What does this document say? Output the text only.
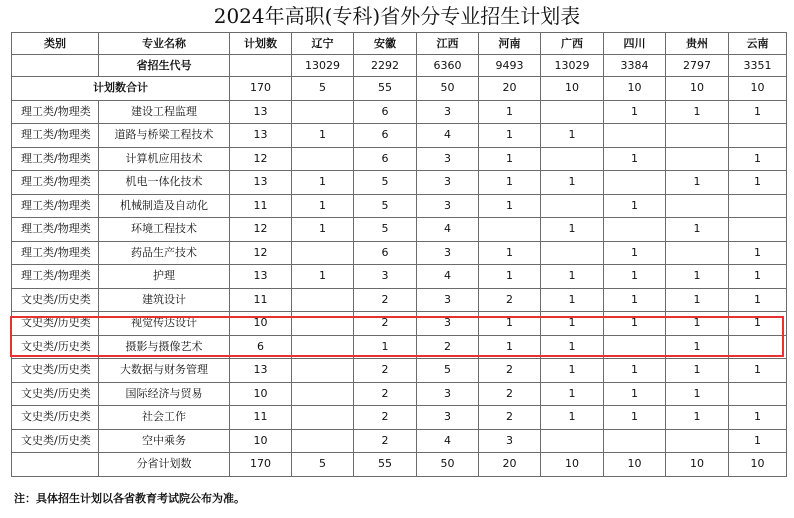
2024年高职(专科)省外分专业招生计划表
类别	专业名称	计划数	辽宁	安徽	江西	河南	广西	四川	贵州	云南
	省招生代号		13029	2292	6360	9493	13029	3384	2797	3351
计划数合计		170	5	55	50	20	10	10	10	10
理工类/物理类	建设工程监理	13		6	3	1		1	1	1
理工类/物理类	道路与桥梁工程技术	13	1	6	4	1	1			
理工类/物理类	计算机应用技术	12		6	3	1		1		1
理工类/物理类	机电一体化技术	13	1	5	3	1	1		1	1
理工类/物理类	机械制造及自动化	11	1	5	3	1		1		
理工类/物理类	环境工程技术	12	1	5	4		1		1	
理工类/物理类	药品生产技术	12		6	3	1		1		1
理工类/物理类	护理	13	1	3	4	1	1	1	1	1
文史类/历史类	建筑设计	11		2	3	2	1	1	1	1
文史类/历史类	视觉传达设计	10		2	3	1	1	1	1	1
文史类/历史类	摄影与摄像艺术	6		1	2	1	1		1	
文史类/历史类	大数据与财务管理	13		2	5	2	1	1	1	1
文史类/历史类	国际经济与贸易	10		2	3	2	1	1	1	
文史类/历史类	社会工作	11		2	3	2	1	1	1	1
文史类/历史类	空中乘务	10		2	4	3				1
	分省计划数	170	5	55	50	20	10	10	10	10
注：具体招生计划以各省教育考试院公布为准。
